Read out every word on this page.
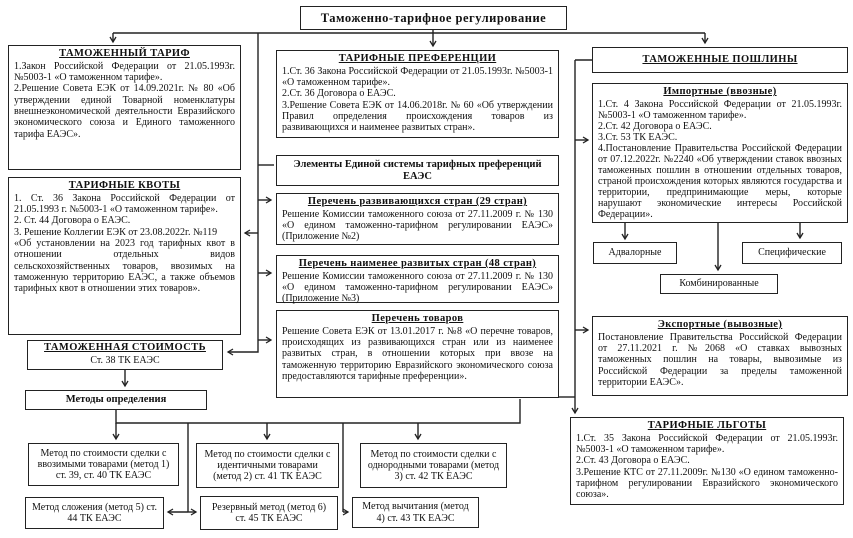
Таможенно-тарифное регулирование
ТАМОЖЕННЫЙ ТАРИФ
1.Закон Российской Федерации от 21.05.1993г. №5003-1 «О таможенном тарифе».
2.Решение Совета ЕЭК от 14.09.2021г. № 80 «Об утверждении единой Товарной номенклатуры внешнеэкономической деятельности Евразийского экономического союза и Единого таможенного тарифа ЕАЭС».
ТАРИФНЫЕ КВОТЫ
1. Ст. 36 Закона Российской Федерации от 21.05.1993 г. №5003-1 «О таможенном тарифе».
2. Ст. 44 Договора о ЕАЭС.
3. Решение Коллегии ЕЭК от 23.08.2022г. №119
«Об установлении на 2023 год тарифных квот в отношении отдельных видов сельскохозяйственных товаров, ввозимых на таможенную территорию ЕАЭС, а также объемов тарифных квот в отношении этих товаров».
ТАМОЖЕННАЯ СТОИМОСТЬ
Ст. 38 ТК ЕАЭС
Методы определения
ТАРИФНЫЕ ПРЕФЕРЕНЦИИ
1.Ст. 36 Закона Российской Федерации от 21.05.1993г. №5003-1 «О таможенном тарифе».
2.Ст. 36 Договора о ЕАЭС.
3.Решение Совета ЕЭК от 14.06.2018г. № 60 «Об утверждении Правил определения происхождения товаров из развивающихся и наименее развитых стран».
Элементы Единой системы тарифных преференций ЕАЭС
Перечень развивающихся стран (29 стран)
Решение Комиссии таможенного союза от 27.11.2009 г. № 130 «О едином таможенно-тарифном регулировании ЕАЭС» (Приложение №2)
Перечень наименее развитых стран (48 стран)
Решение Комиссии таможенного союза от 27.11.2009 г. № 130 «О едином таможенно-тарифном регулировании ЕАЭС» (Приложение №3)
Перечень товаров
Решение Совета ЕЭК от 13.01.2017 г. №8 «О перечне товаров, происходящих из развивающихся стран или из наименее развитых стран, в отношении которых при ввозе на таможенную территорию Евразийского экономического союза предоставляются тарифные преференции».
ТАМОЖЕННЫЕ ПОШЛИНЫ
Импортные (ввозные)
1.Ст. 4 Закона Российской Федерации от 21.05.1993г. №5003-1 «О таможенном тарифе».
2.Ст. 42 Договора о ЕАЭС.
3.Ст. 53 ТК ЕАЭС.
4.Постановление Правительства Российской Федерации от 07.12.2022г. №2240 «Об утверждении ставок ввозных таможенных пошлин в отношении отдельных товаров, страной происхождения которых являются государства и территории, предпринимающие меры, которые нарушают экономические интересы Российской Федерации».
Адвалорные	Специфические
Комбинированные
Экспортные (вывозные)
Постановление Правительства Российской Федерации от 27.11.2021 г. №2068 «О ставках вывозных таможенных пошлин на товары, вывозимые из Российской Федерации за пределы таможенной территории ЕАЭС».
ТАРИФНЫЕ ЛЬГОТЫ
1.Ст. 35 Закона Российской Федерации от 21.05.1993г. №5003-1 «О таможенном тарифе».
2.Ст. 43 Договора о ЕАЭС.
3.Решение КТС от 27.11.2009г. №130 «О едином таможенно-тарифном регулировании Евразийского экономического союза».
Метод по стоимости сделки с ввозимыми товарами (метод 1) ст. 39, ст. 40 ТК ЕАЭС
Метод по стоимости сделки с идентичными товарами (метод 2) ст. 41 ТК ЕАЭС
Метод по стоимости сделки с однородными товарами (метод 3) ст. 42 ТК ЕАЭС
Метод сложения (метод 5) ст. 44 ТК ЕАЭС
Резервный метод (метод 6) ст. 45 ТК ЕАЭС
Метод вычитания (метод 4) ст. 43 ТК ЕАЭС
